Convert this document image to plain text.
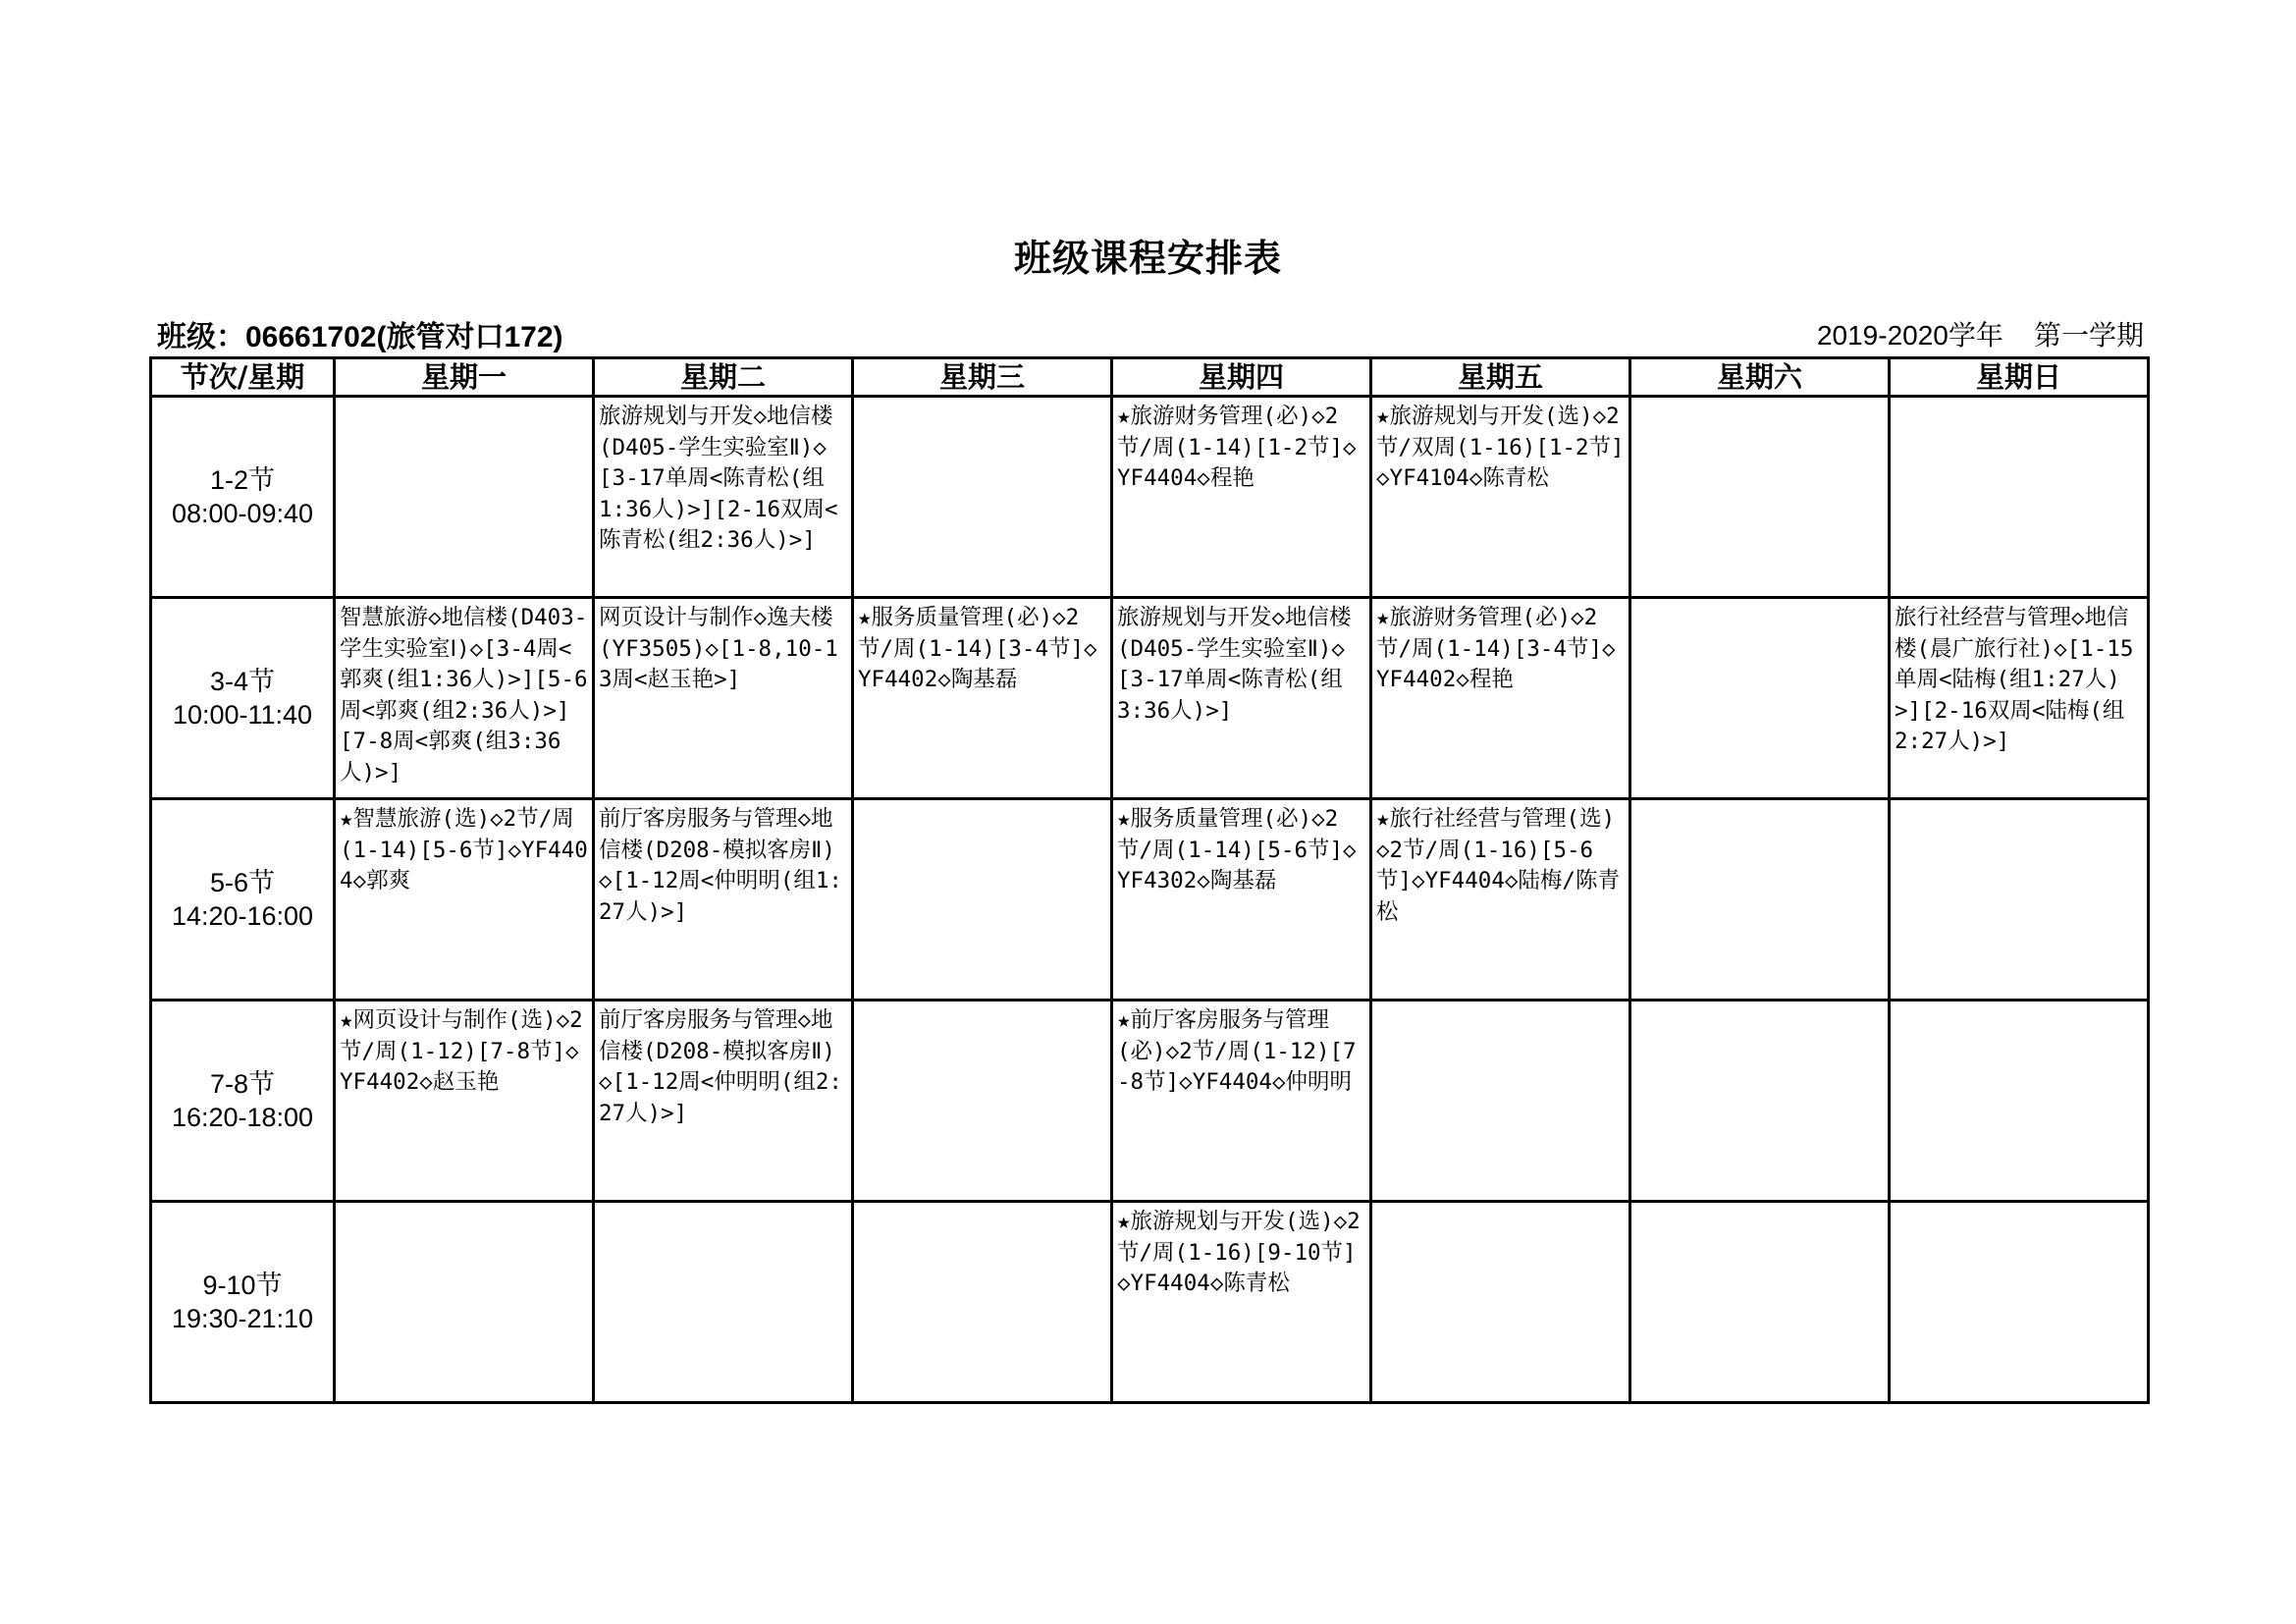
班级课程安排表
班级：06661702(旅管对口172)	2019-2020学年    第一学期
节次/星期	星期一	星期二	星期三	星期四	星期五	星期六	星期日

1-2节
08:00-09:40		旅游规划与开发◇地信楼(D405-学生实验室Ⅱ)◇[3-17单周<陈青松(组1:36人)>][2-16双周<陈青松(组2:36人)>]		★旅游财务管理(必)◇2节/周(1-14)[1-2节]◇YF4404◇程艳	★旅游规划与开发(选)◇2节/双周(1-16)[1-2节]◇YF4104◇陈青松		

3-4节
10:00-11:40	智慧旅游◇地信楼(D403-学生实验室Ⅰ)◇[3-4周<郭爽(组1:36人)>][5-6周<郭爽(组2:36人)>][7-8周<郭爽(组3:36人)>]	网页设计与制作◇逸夫楼(YF3505)◇[1-8,10-13周<赵玉艳>]	★服务质量管理(必)◇2节/周(1-14)[3-4节]◇YF4402◇陶基磊	旅游规划与开发◇地信楼(D405-学生实验室Ⅱ)◇[3-17单周<陈青松(组3:36人)>]	★旅游财务管理(必)◇2节/周(1-14)[3-4节]◇YF4402◇程艳		旅行社经营与管理◇地信楼(晨广旅行社)◇[1-15单周<陆梅(组1:27人)>][2-16双周<陆梅(组2:27人)>]

5-6节
14:20-16:00	★智慧旅游(选)◇2节/周(1-14)[5-6节]◇YF4404◇郭爽	前厅客房服务与管理◇地信楼(D208-模拟客房Ⅱ)◇[1-12周<仲明明(组1:27人)>]		★服务质量管理(必)◇2节/周(1-14)[5-6节]◇YF4302◇陶基磊	★旅行社经营与管理(选)◇2节/周(1-16)[5-6节]◇YF4404◇陆梅/陈青松		

7-8节
16:20-18:00	★网页设计与制作(选)◇2节/周(1-12)[7-8节]◇YF4402◇赵玉艳	前厅客房服务与管理◇地信楼(D208-模拟客房Ⅱ)◇[1-12周<仲明明(组2:27人)>]		★前厅客房服务与管理(必)◇2节/周(1-12)[7-8节]◇YF4404◇仲明明			

9-10节
19:30-21:10				★旅游规划与开发(选)◇2节/周(1-16)[9-10节]◇YF4404◇陈青松			
